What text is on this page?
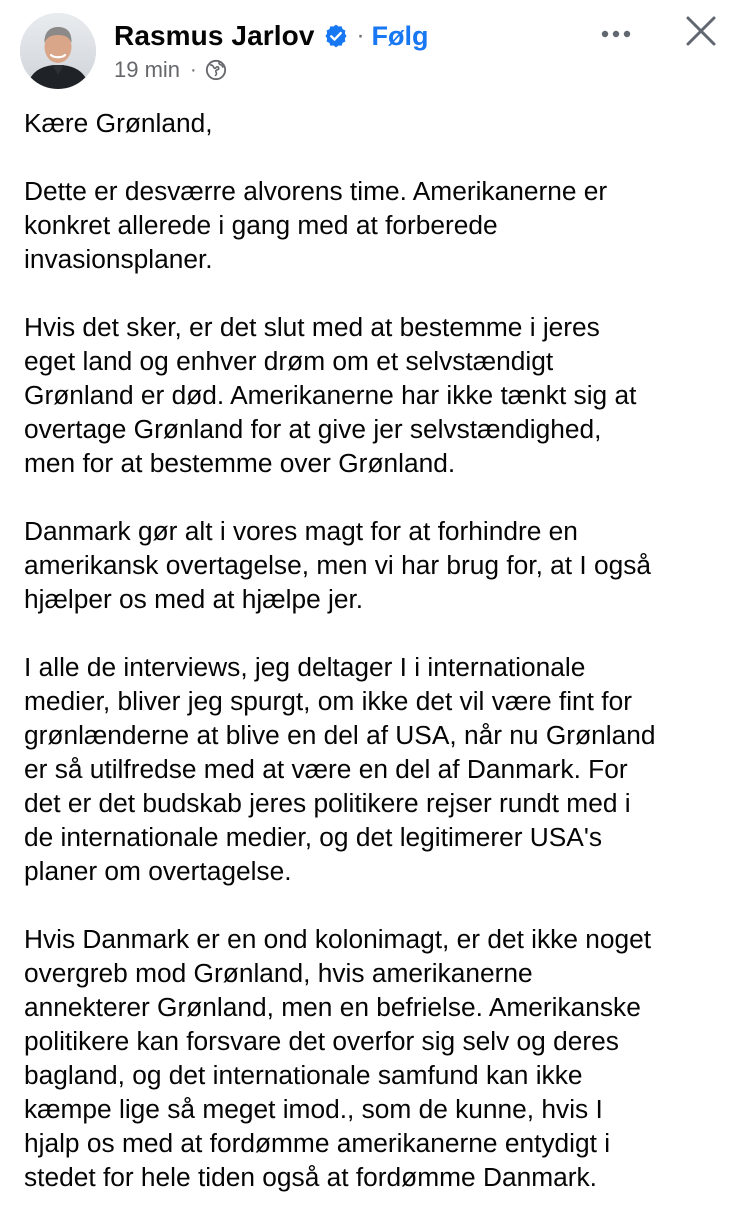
Rasmus Jarlov · Følg
19 min ·

Kære Grønland,

Dette er desværre alvorens time. Amerikanerne er
konkret allerede i gang med at forberede
invasionsplaner.

Hvis det sker, er det slut med at bestemme i jeres
eget land og enhver drøm om et selvstændigt
Grønland er død. Amerikanerne har ikke tænkt sig at
overtage Grønland for at give jer selvstændighed,
men for at bestemme over Grønland.

Danmark gør alt i vores magt for at forhindre en
amerikansk overtagelse, men vi har brug for, at I også
hjælper os med at hjælpe jer.

I alle de interviews, jeg deltager I i internationale
medier, bliver jeg spurgt, om ikke det vil være fint for
grønlænderne at blive en del af USA, når nu Grønland
er så utilfredse med at være en del af Danmark. For
det er det budskab jeres politikere rejser rundt med i
de internationale medier, og det legitimerer USA's
planer om overtagelse.

Hvis Danmark er en ond kolonimagt, er det ikke noget
overgreb mod Grønland, hvis amerikanerne
annekterer Grønland, men en befrielse. Amerikanske
politikere kan forsvare det overfor sig selv og deres
bagland, og det internationale samfund kan ikke
kæmpe lige så meget imod., som de kunne, hvis I
hjalp os med at fordømme amerikanerne entydigt i
stedet for hele tiden også at fordømme Danmark.
